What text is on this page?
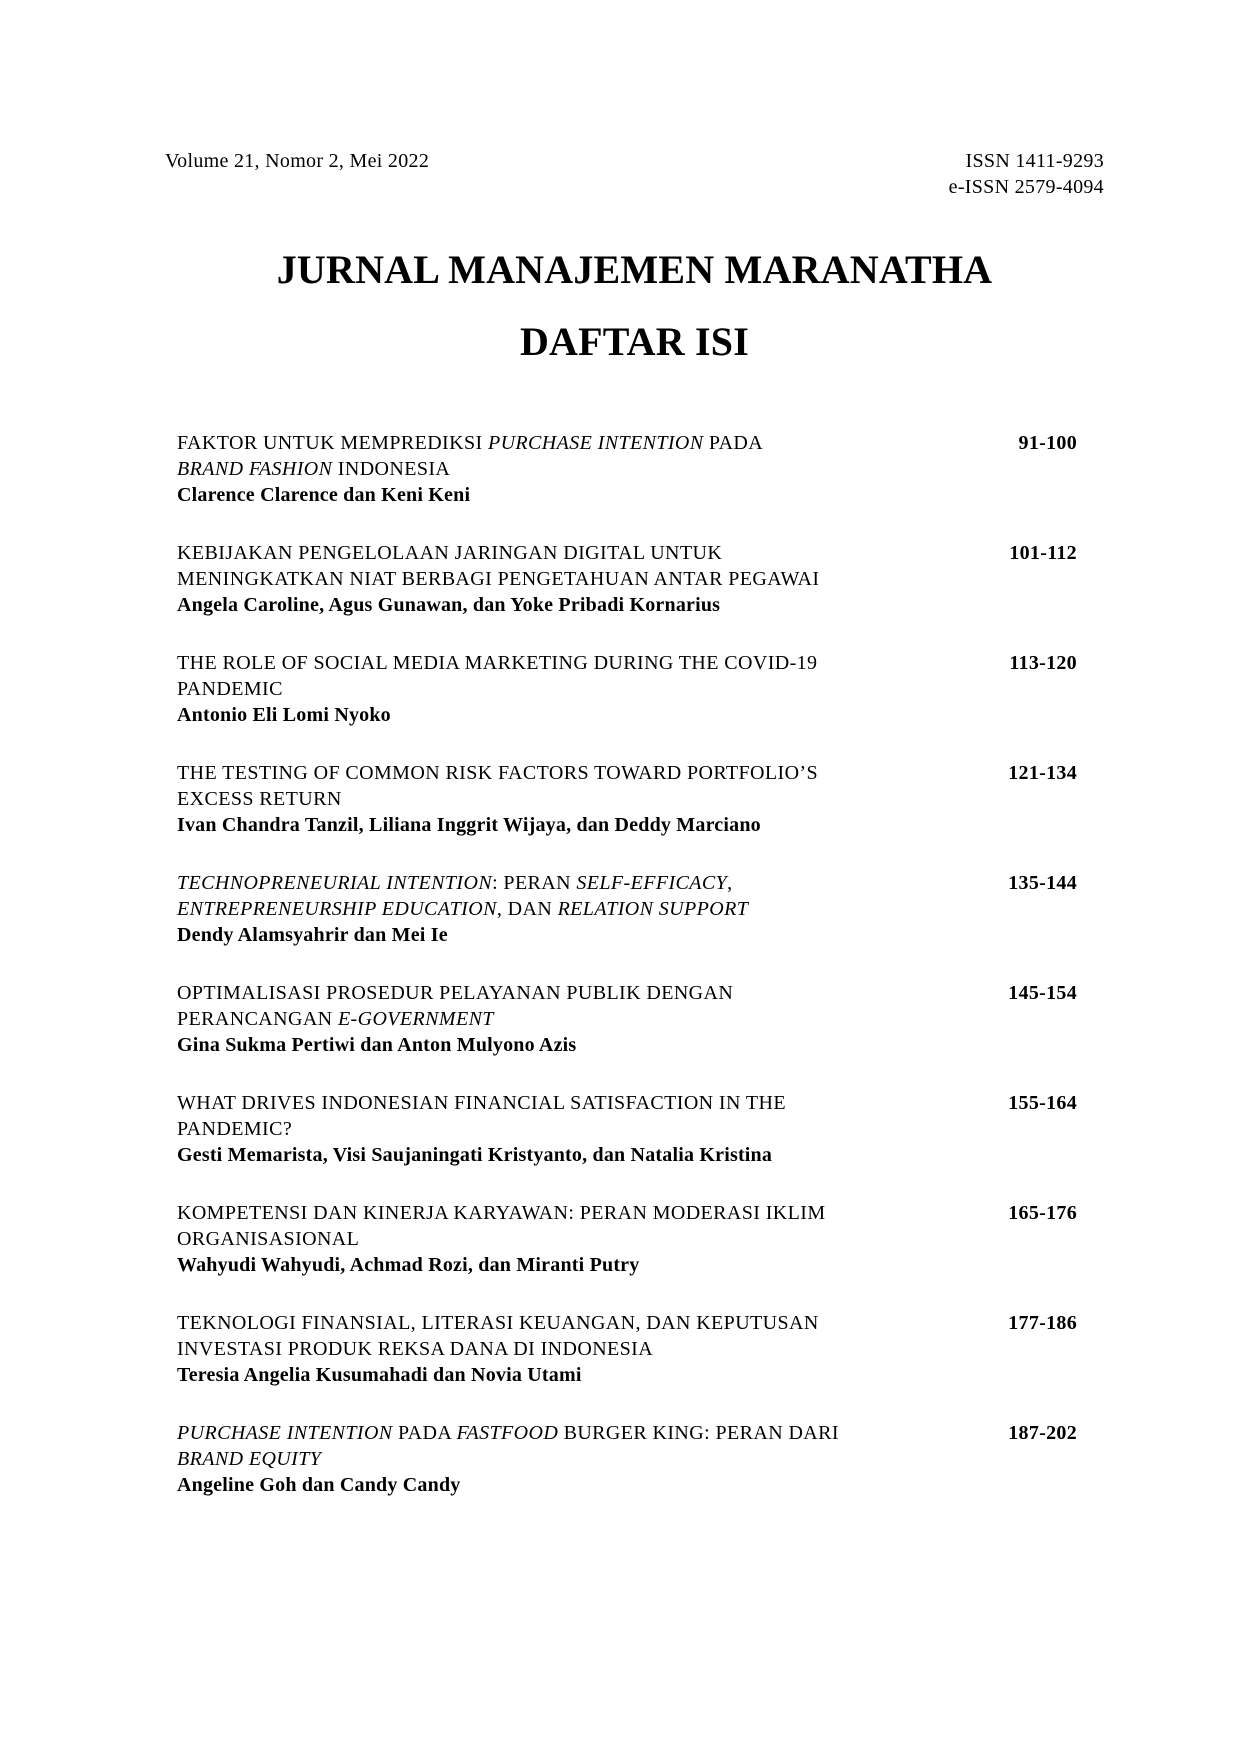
Volume 21, Nomor 2, Mei 2022	ISSN 1411-9293
e-ISSN 2579-4094
JURNAL MANAJEMEN MARANATHA
DAFTAR ISI
FAKTOR UNTUK MEMPREDIKSI PURCHASE INTENTION PADA
BRAND FASHION INDONESIA
Clarence Clarence dan Keni Keni
91-100
KEBIJAKAN PENGELOLAAN JARINGAN DIGITAL UNTUK
MENINGKATKAN NIAT BERBAGI PENGETAHUAN ANTAR PEGAWAI
Angela Caroline, Agus Gunawan, dan Yoke Pribadi Kornarius
101-112
THE ROLE OF SOCIAL MEDIA MARKETING DURING THE COVID-19
PANDEMIC
Antonio Eli Lomi Nyoko
113-120
THE TESTING OF COMMON RISK FACTORS TOWARD PORTFOLIO’S
EXCESS RETURN
Ivan Chandra Tanzil, Liliana Inggrit Wijaya, dan Deddy Marciano
121-134
TECHNOPRENEURIAL INTENTION: PERAN SELF-EFFICACY,
ENTREPRENEURSHIP EDUCATION, DAN RELATION SUPPORT
Dendy Alamsyahrir dan Mei Ie
135-144
OPTIMALISASI PROSEDUR PELAYANAN PUBLIK DENGAN
PERANCANGAN E-GOVERNMENT
Gina Sukma Pertiwi dan Anton Mulyono Azis
145-154
WHAT DRIVES INDONESIAN FINANCIAL SATISFACTION IN THE
PANDEMIC?
Gesti Memarista, Visi Saujaningati Kristyanto, dan Natalia Kristina
155-164
KOMPETENSI DAN KINERJA KARYAWAN: PERAN MODERASI IKLIM
ORGANISASIONAL
Wahyudi Wahyudi, Achmad Rozi, dan Miranti Putry
165-176
TEKNOLOGI FINANSIAL, LITERASI KEUANGAN, DAN KEPUTUSAN
INVESTASI PRODUK REKSA DANA DI INDONESIA
Teresia Angelia Kusumahadi dan Novia Utami
177-186
PURCHASE INTENTION PADA FASTFOOD BURGER KING: PERAN DARI
BRAND EQUITY
Angeline Goh dan Candy Candy
187-202
